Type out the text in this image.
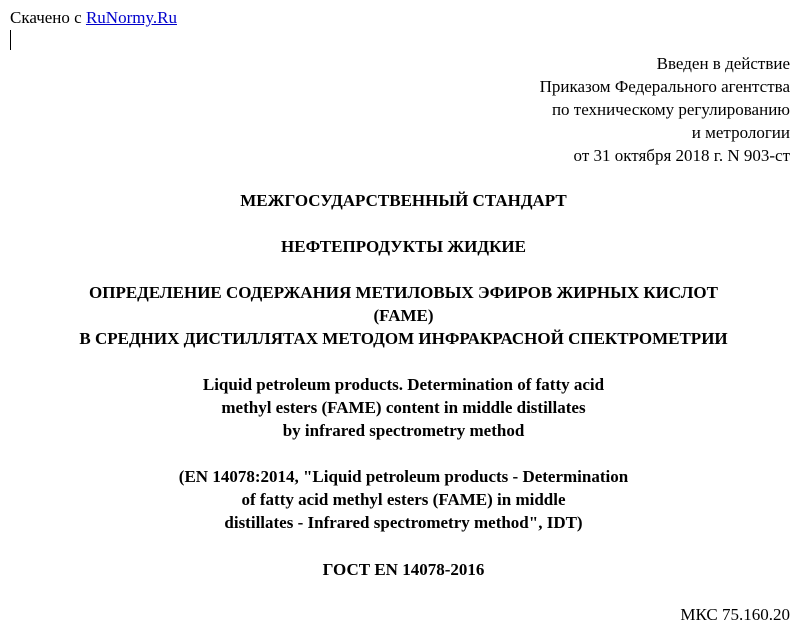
Скачено с RuNormy.Ru
Введен в действие
Приказом Федерального агентства
по техническому регулированию
и метрологии
от 31 октября 2018 г. N 903-ст
МЕЖГОСУДАРСТВЕННЫЙ СТАНДАРТ
НЕФТЕПРОДУКТЫ ЖИДКИЕ
ОПРЕДЕЛЕНИЕ СОДЕРЖАНИЯ МЕТИЛОВЫХ ЭФИРОВ ЖИРНЫХ КИСЛОТ
(FAME)
В СРЕДНИХ ДИСТИЛЛЯТАХ МЕТОДОМ ИНФРАКРАСНОЙ СПЕКТРОМЕТРИИ
Liquid petroleum products. Determination of fatty acid
methyl esters (FAME) content in middle distillates
by infrared spectrometry method
(EN 14078:2014, "Liquid petroleum products - Determination
of fatty acid methyl esters (FAME) in middle
distillates - Infrared spectrometry method", IDT)
ГОСТ EN 14078-2016
МКС 75.160.20
